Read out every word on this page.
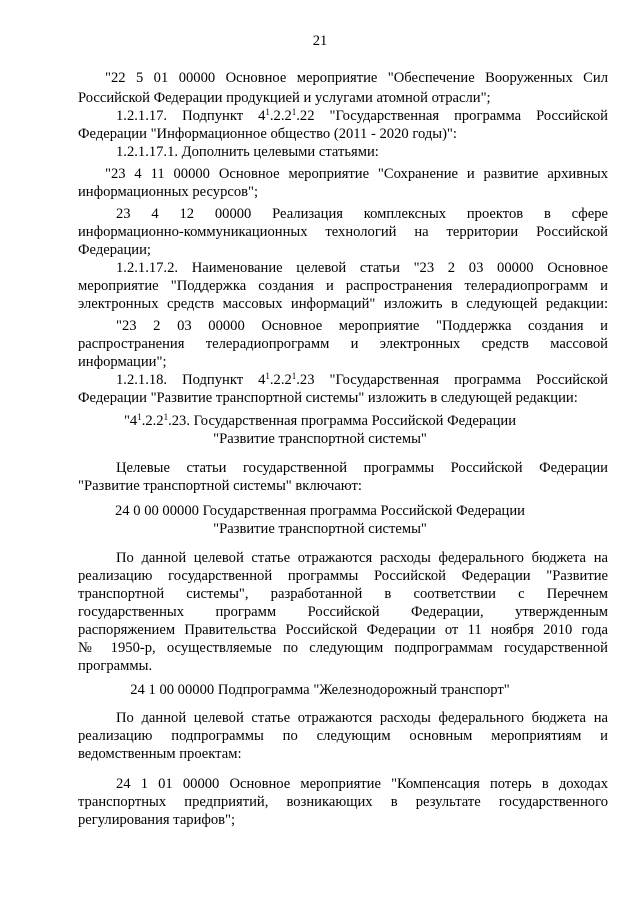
21
"22 5 01 00000 Основное мероприятие "Обеспечение Вооруженных Сил
Российской Федерации продукцией и услугами атомной отрасли";
1.2.1.17. Подпункт $4^1.2.2^1.22$ "Государственная программа Российской
Федерации "Информационное общество (2011 - 2020 годы)":
1.2.1.17.1. Дополнить целевыми статьями:
"23 4 11 00000 Основное мероприятие "Сохранение и развитие архивных
информационных ресурсов";
23 4 12 00000 Реализация комплексных проектов в сфере
информационно-коммуникационных технологий на территории Российской
Федерации;
1.2.1.17.2. Наименование целевой статьи "23 2 03 00000 Основное
мероприятие "Поддержка создания и распространения телерадиопрограмм и
электронных средств массовых информаций" изложить в следующей редакции:
"23 2 03 00000 Основное мероприятие "Поддержка создания и
распространения телерадиопрограмм и электронных средств массовой
информации";
1.2.1.18. Подпункт $4^1.2.2^1.23$ "Государственная программа Российской
Федерации "Развитие транспортной системы" изложить в следующей редакции:
"$4^1.2.2^1.23$. Государственная программа Российской Федерации
"Развитие транспортной системы"
Целевые статьи государственной программы Российской Федерации
"Развитие транспортной системы" включают:
24 0 00 00000 Государственная программа Российской Федерации
"Развитие транспортной системы"
По данной целевой статье отражаются расходы федерального бюджета на
реализацию государственной программы Российской Федерации "Развитие
транспортной системы", разработанной в соответствии с Перечнем
государственных программ Российской Федерации, утвержденным
распоряжением Правительства Российской Федерации от 11 ноября 2010 года
№ 1950-р, осуществляемые по следующим подпрограммам государственной
программы.
24 1 00 00000 Подпрограмма "Железнодорожный транспорт"
По данной целевой статье отражаются расходы федерального бюджета на
реализацию подпрограммы по следующим основным мероприятиям и
ведомственным проектам:
24 1 01 00000 Основное мероприятие "Компенсация потерь в доходах
транспортных предприятий, возникающих в результате государственного
регулирования тарифов";
